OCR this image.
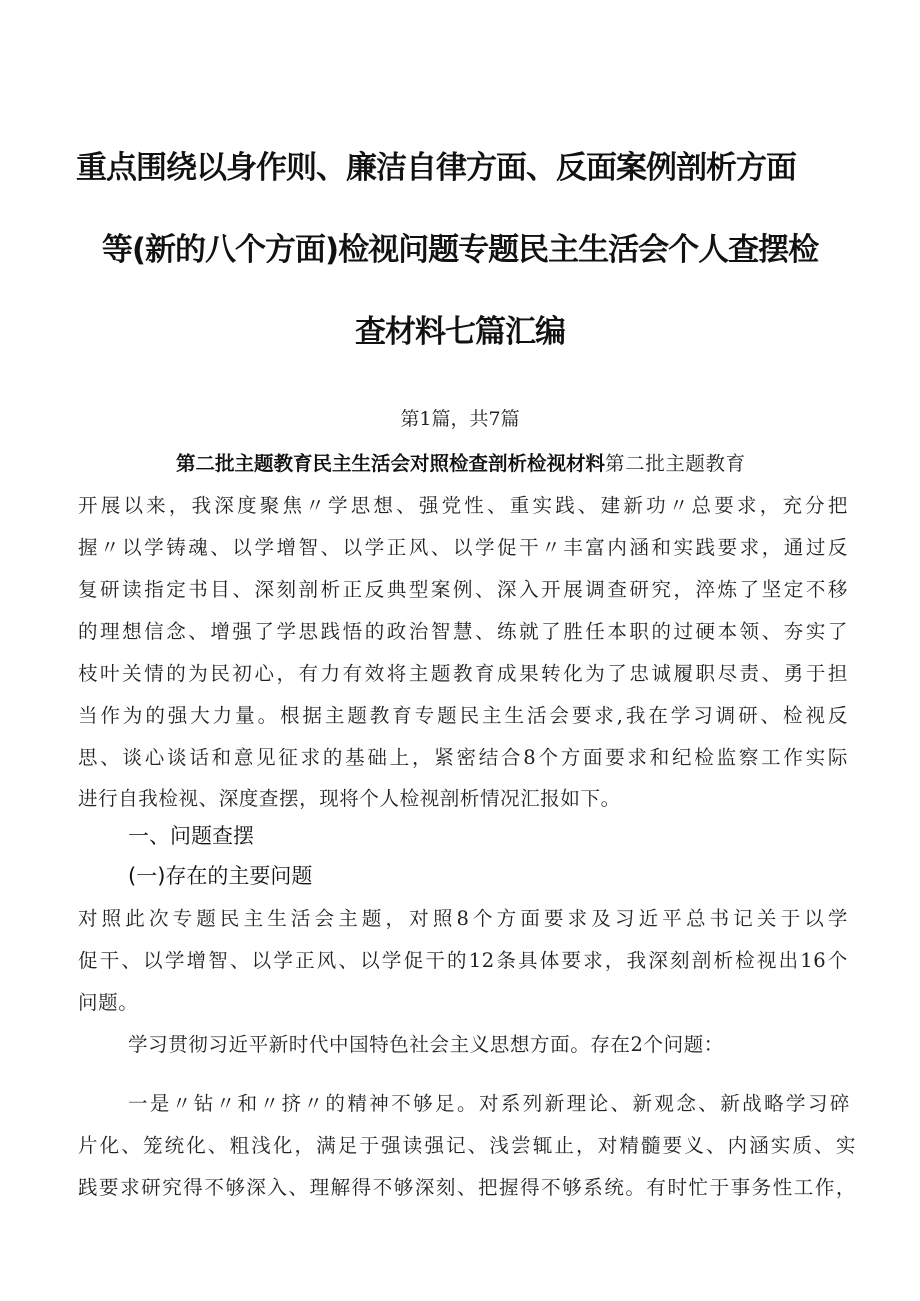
重点围绕以身作则、廉洁自律方面、反面案例剖析方面
等(新的八个方面)检视问题专题民主生活会个人查摆检
查材料七篇汇编
第1篇，共7篇
第二批主题教育民主生活会对照检查剖析检视材料第二批主题教育
开展以来，我深度聚焦〃学思想、强党性、重实践、建新功〃总要求，充分把
握〃以学铸魂、以学增智、以学正风、以学促干〃丰富内涵和实践要求，通过反
复研读指定书目、深刻剖析正反典型案例、深入开展调查研究，淬炼了坚定不移
的理想信念、增强了学思践悟的政治智慧、练就了胜任本职的过硬本领、夯实了
枝叶关情的为民初心，有力有效将主题教育成果转化为了忠诚履职尽责、勇于担
当作为的强大力量。根据主题教育专题民主生活会要求,我在学习调研、检视反
思、谈心谈话和意见征求的基础上，紧密结合8个方面要求和纪检监察工作实际
进行自我检视、深度查摆，现将个人检视剖析情况汇报如下。
一、问题查摆
(一)存在的主要问题
对照此次专题民主生活会主题，对照8个方面要求及习近平总书记关于以学
促干、以学增智、以学正风、以学促干的12条具体要求，我深刻剖析检视出16个
问题。
学习贯彻习近平新时代中国特色社会主义思想方面。存在2个问题：
一是〃钻〃和〃挤〃的精神不够足。对系列新理论、新观念、新战略学习碎
片化、笼统化、粗浅化，满足于强读强记、浅尝辄止，对精髓要义、内涵实质、实
践要求研究得不够深入、理解得不够深刻、把握得不够系统。有时忙于事务性工作，
